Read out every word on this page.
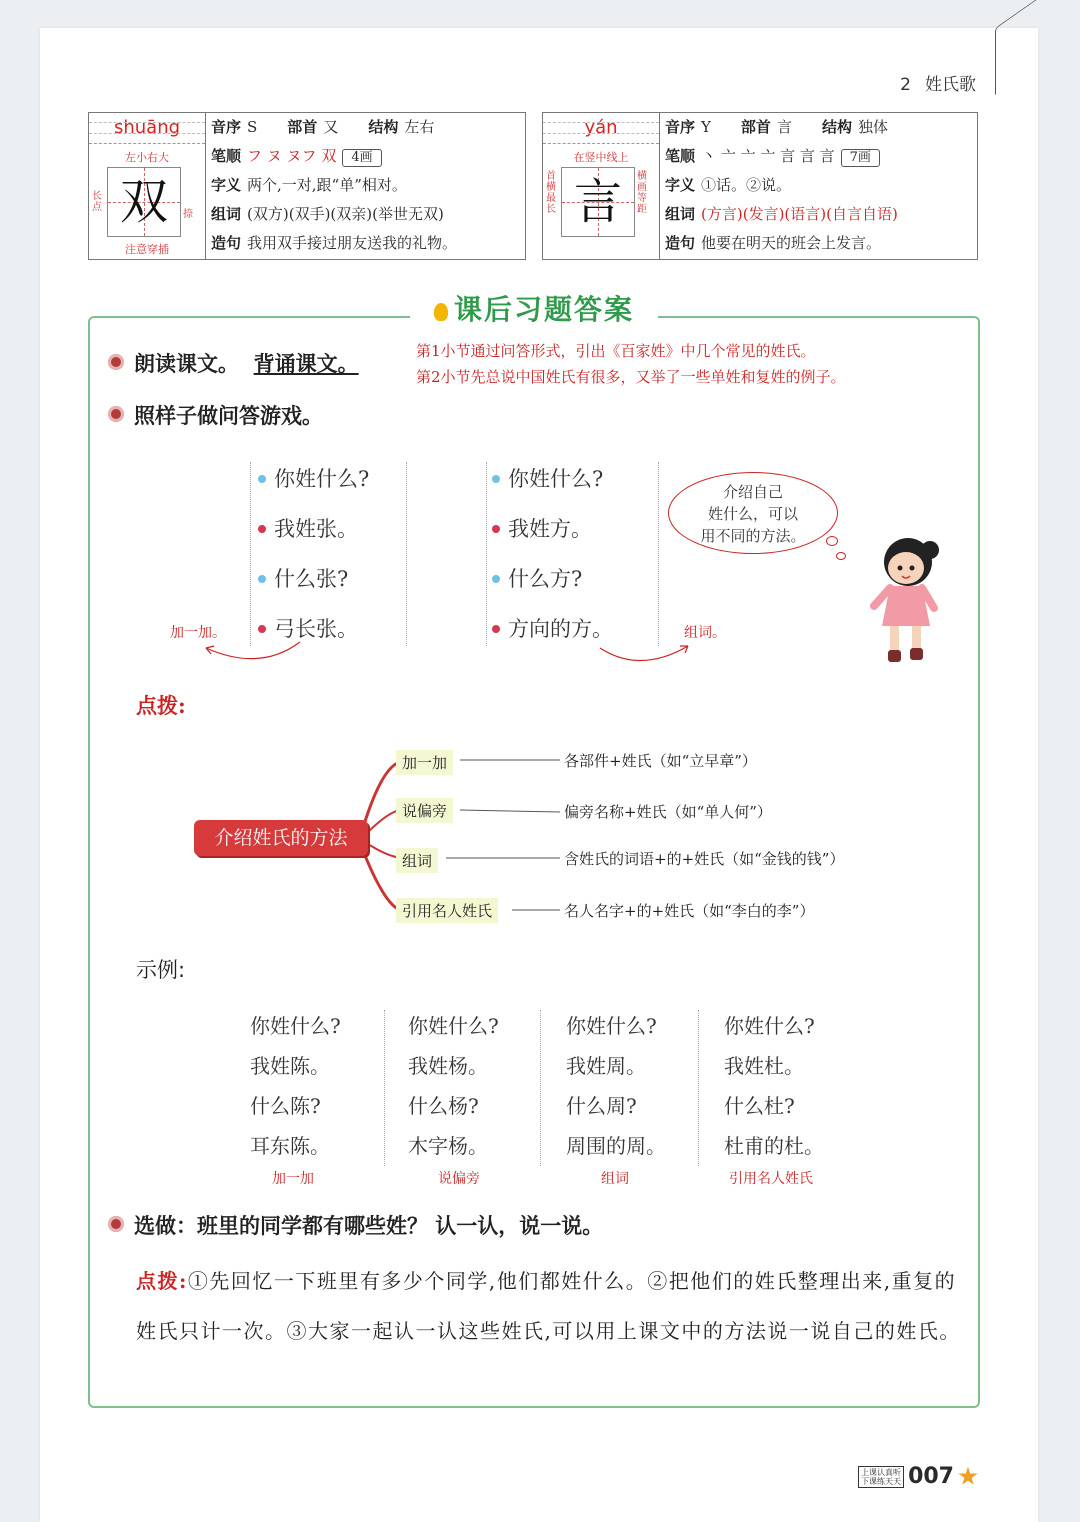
2 姓氏歌
shuāng
左小右大
双
长点
捺
注意穿插
音序 S 部首 又 结构 左右
笔顺 フ ヌ ヌフ 双 4画
字义 两个,一对,跟“单”相对。
组词 (双方)(双手)(双亲)(举世无双)
造句 我用双手接过朋友送我的礼物。
yán
在竖中线上
言
首横最长
横画等距
音序 Y 部首 言 结构 独体
笔顺 丶 亠 亠 亠 言 言 言 7画
字义 ①话。②说。
组词 (方言)(发言)(语言)(自言自语)
造句 他要在明天的班会上发言。
课后习题答案
朗读课文。 背诵课文。	第1小节通过问答形式，引出《百家姓》中几个常见的姓氏。
第2小节先总说中国姓氏有很多，又举了一些单姓和复姓的例子。
照样子做问答游戏。
你姓什么?
我姓张。
什么张?
弓长张。
你姓什么?
我姓方。
什么方?
方向的方。
加一加。	组词。
介绍自己
姓什么，可以
用不同的方法。
点拨:
介绍姓氏的方法
加一加
说偏旁
组词
引用名人姓氏
各部件+姓氏（如“立早章”）
偏旁名称+姓氏（如“单人何”）
含姓氏的词语+的+姓氏（如“金钱的钱”）
名人名字+的+姓氏（如“李白的李”）
示例:
你姓什么?
我姓陈。
什么陈?
耳东陈。
你姓什么?
我姓杨。
什么杨?
木字杨。
你姓什么?
我姓周。
什么周?
周围的周。
你姓什么?
我姓杜。
什么杜?
杜甫的杜。
加一加	说偏旁	组词	引用名人姓氏
选做：班里的同学都有哪些姓？ 认一认，说一说。
点拨:①先回忆一下班里有多少个同学,他们都姓什么。②把他们的姓氏整理出来,重复的姓氏只计一次。③大家一起认一认这些姓氏,可以用上课文中的方法说一说自己的姓氏。
上课认真听
下课练天天 007
